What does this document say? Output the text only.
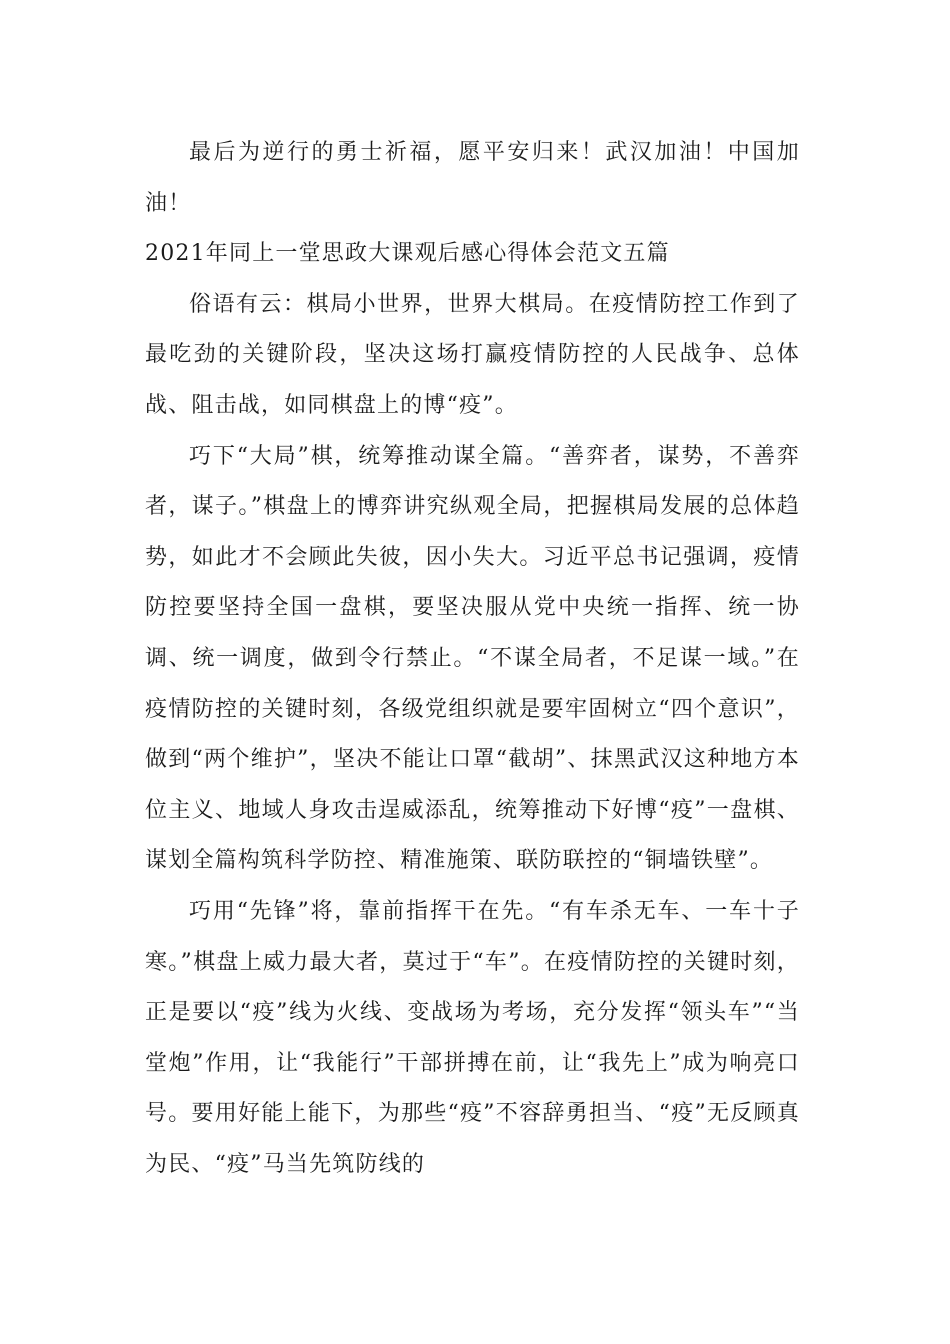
最后为逆行的勇士祈福，愿平安归来！武汉加油！中国加油！

2021年同上一堂思政大课观后感心得体会范文五篇

俗语有云：棋局小世界，世界大棋局。在疫情防控工作到了最吃劲的关键阶段，坚决这场打赢疫情防控的人民战争、总体战、阻击战，如同棋盘上的博“疫”。

巧下“大局”棋，统筹推动谋全篇。“善弈者，谋势，不善弈者，谋子。”棋盘上的博弈讲究纵观全局，把握棋局发展的总体趋势，如此才不会顾此失彼，因小失大。习近平总书记强调，疫情防控要坚持全国一盘棋，要坚决服从党中央统一指挥、统一协调、统一调度，做到令行禁止。“不谋全局者，不足谋一域。”在疫情防控的关键时刻，各级党组织就是要牢固树立“四个意识”，做到“两个维护”，坚决不能让口罩“截胡”、抹黑武汉这种地方本位主义、地域人身攻击逞威添乱，统筹推动下好博“疫”一盘棋、谋划全篇构筑科学防控、精准施策、联防联控的“铜墙铁壁”。

巧用“先锋”将，靠前指挥干在先。“有车杀无车、一车十子寒。”棋盘上威力最大者，莫过于“车”。在疫情防控的关键时刻，正是要以“疫”线为火线、变战场为考场，充分发挥“领头车”“当堂炮”作用，让“我能行”干部拼搏在前，让“我先上”成为响亮口号。要用好能上能下，为那些“疫”不容辞勇担当、“疫”无反顾真为民、“疫”马当先筑防线的
